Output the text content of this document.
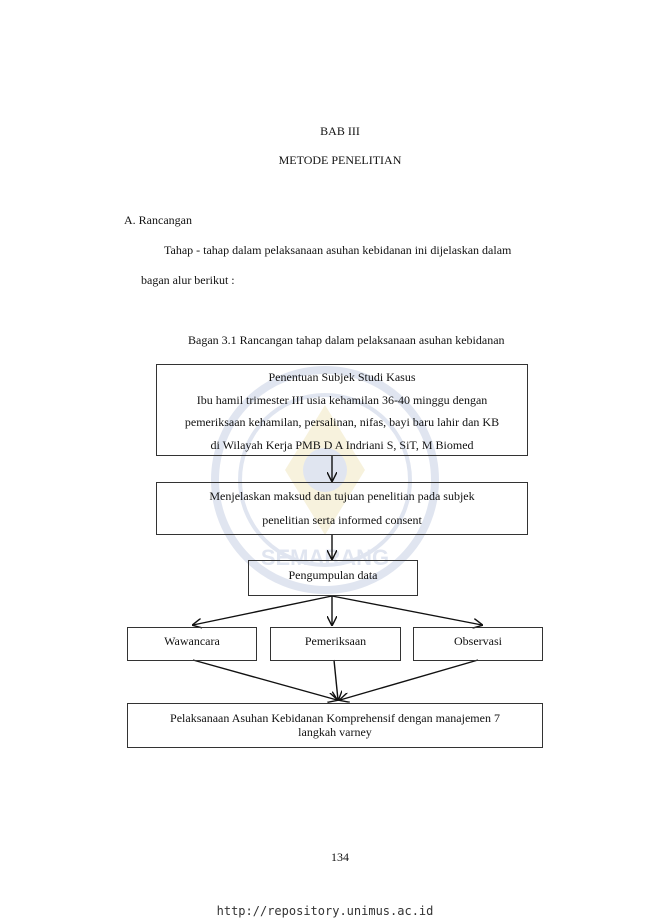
SEMARANG
BAB III
METODE PENELITIAN
A. Rancangan
Tahap - tahap dalam pelaksanaan asuhan kebidanan ini dijelaskan dalam
bagan alur berikut :
Bagan 3.1 Rancangan tahap dalam pelaksanaan asuhan kebidanan
Penentuan Subjek Studi Kasus
Ibu hamil trimester III usia kehamilan 36-40 minggu dengan
pemeriksaan kehamilan, persalinan, nifas, bayi baru lahir dan KB
di Wilayah Kerja PMB D A Indriani S, SiT, M Biomed
Menjelaskan maksud dan tujuan penelitian pada subjek
penelitian serta informed consent
Pengumpulan data
Wawancara	Pemeriksaan	Observasi
Pelaksanaan Asuhan Kebidanan Komprehensif dengan manajemen 7
langkah varney
134
http://repository.unimus.ac.id
